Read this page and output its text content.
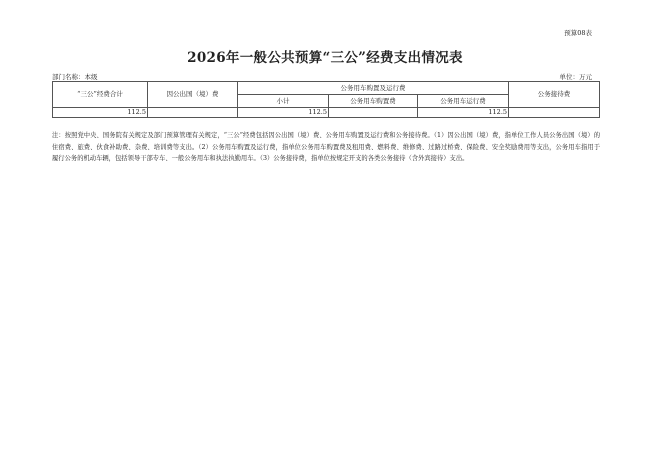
预算08表
2026年一般公共预算“三公”经费支出情况表
部门名称：本级	单位：万元
“三公”经费合计	因公出国（境）费	公务用车购置及运行费			公务接待费
		小计	公务用车购置费	公务用车运行费	
112.5		112.5		112.5	
注：按照党中央、国务院有关规定及部门预算管理有关规定，“三公”经费包括因公出国（境）费、公务用车购置及运行费和公务接待费。（1）因公出国（境）费，指单位工作人员公务出国（境）的住宿费、旅费、伙食补助费、杂费、培训费等支出。（2）公务用车购置及运行费，指单位公务用车购置费及租用费、燃料费、维修费、过路过桥费、保险费、安全奖励费用等支出，公务用车指用于履行公务的机动车辆，包括领导干部专车、一般公务用车和执法执勤用车。（3）公务接待费，指单位按规定开支的各类公务接待（含外宾接待）支出。
